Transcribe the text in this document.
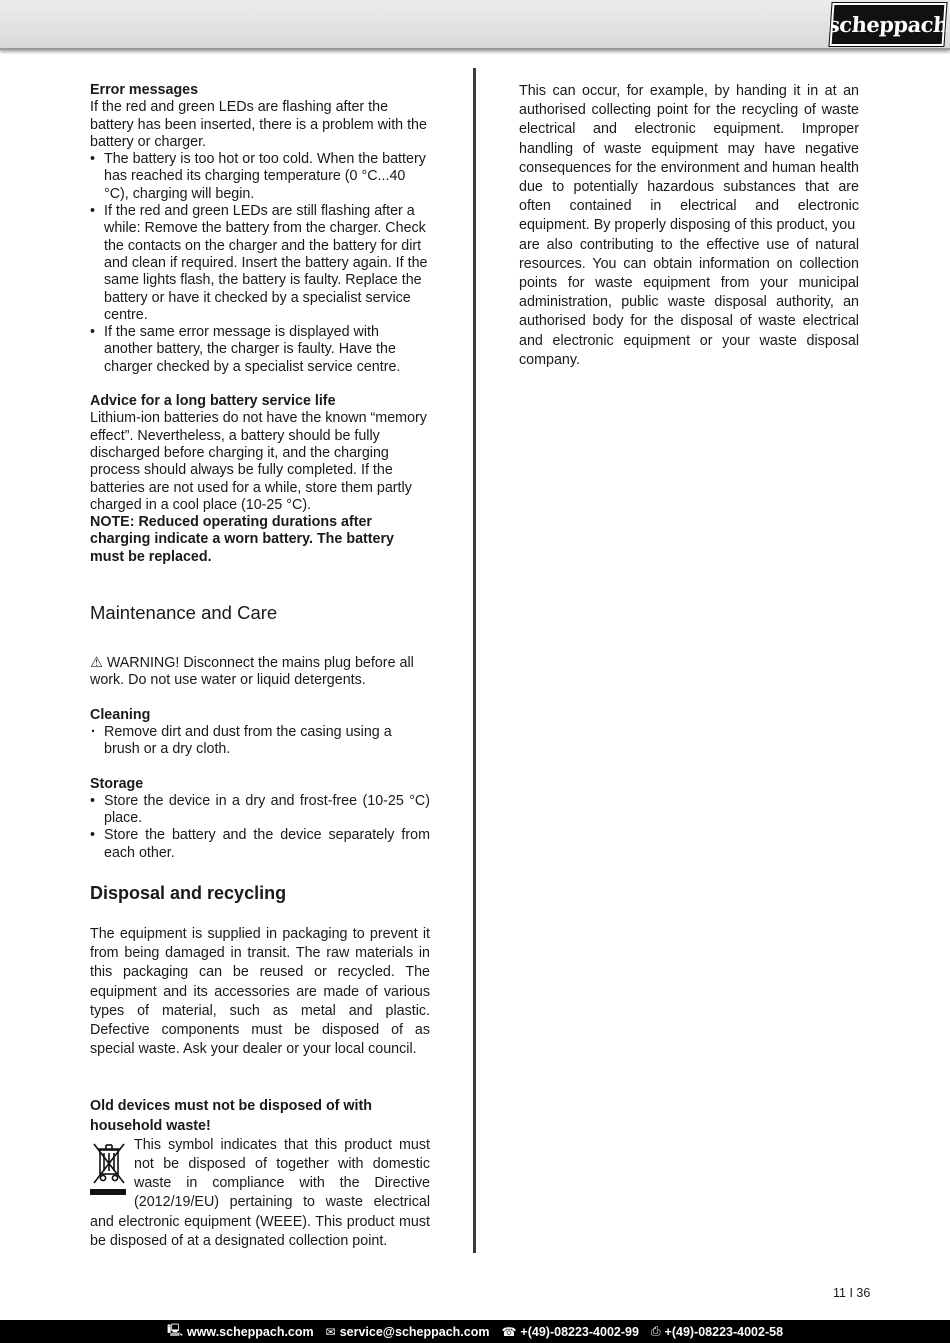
scheppach
Error messages

If the red and green LEDs are flashing after the battery has been inserted, there is a problem with the battery or charger.

• The battery is too hot or too cold. When the battery has reached its charging temperature (0 °C...40 °C), charging will begin.
• If the red and green LEDs are still flashing after a while: Remove the battery from the charger. Check the contacts on the charger and the battery for dirt and clean if required. Insert the battery again. If the same lights flash, the battery is faulty. Replace the battery or have it checked by a specialist service centre.
• If the same error message is displayed with another battery, the charger is faulty. Have the charger checked by a specialist service centre.
Advice for a long battery service life

Lithium-ion batteries do not have the known “memory effect”. Nevertheless, a battery should be fully discharged before charging it, and the charging process should always be fully completed. If the batteries are not used for a while, store them partly charged in a cool place (10-25 °C).

NOTE: Reduced operating durations after charging indicate a worn battery. The battery must be replaced.

Maintenance and Care

⚠ WARNING! Disconnect the mains plug before all work. Do not use water or liquid detergents.

Cleaning
· Remove dirt and dust from the casing using a brush or a dry cloth.
Storage
• Store the device in a dry and frost-free (10-25 °C) place.
• Store the battery and the device separately from each other.
Disposal and recycling

The equipment is supplied in packaging to prevent it from being damaged in transit. The raw materials in this packaging can be reused or recycled. The equipment and its accessories are made of various types of material, such as metal and plastic. Defective components must be disposed of as special waste. Ask your dealer or your local council.

Old devices must not be disposed of with household waste!
This symbol indicates that this product must not be disposed of together with domestic waste in compliance with the Directive (2012/19/EU) pertaining to waste electrical and electronic equipment (WEEE). This product must be disposed of at a designated collection point.

This can occur, for example, by handing it in at an authorised collecting point for the recycling of waste electrical and electronic equipment. Improper handling of waste equipment may have negative consequences for the environment and human health due to potentially hazardous substances that are often contained in electrical and electronic equipment. By properly disposing of this product, you

are also contributing to the effective use of natural resources. You can obtain information on collection points for waste equipment from your municipal administration, public waste disposal authority, an authorised body for the disposal of waste electrical and electronic equipment or your waste disposal company.

11 I 36
🖳 www.scheppach.com ✉ service@scheppach.com ☎ +(49)-08223-4002-99 ⎙ +(49)-08223-4002-58
